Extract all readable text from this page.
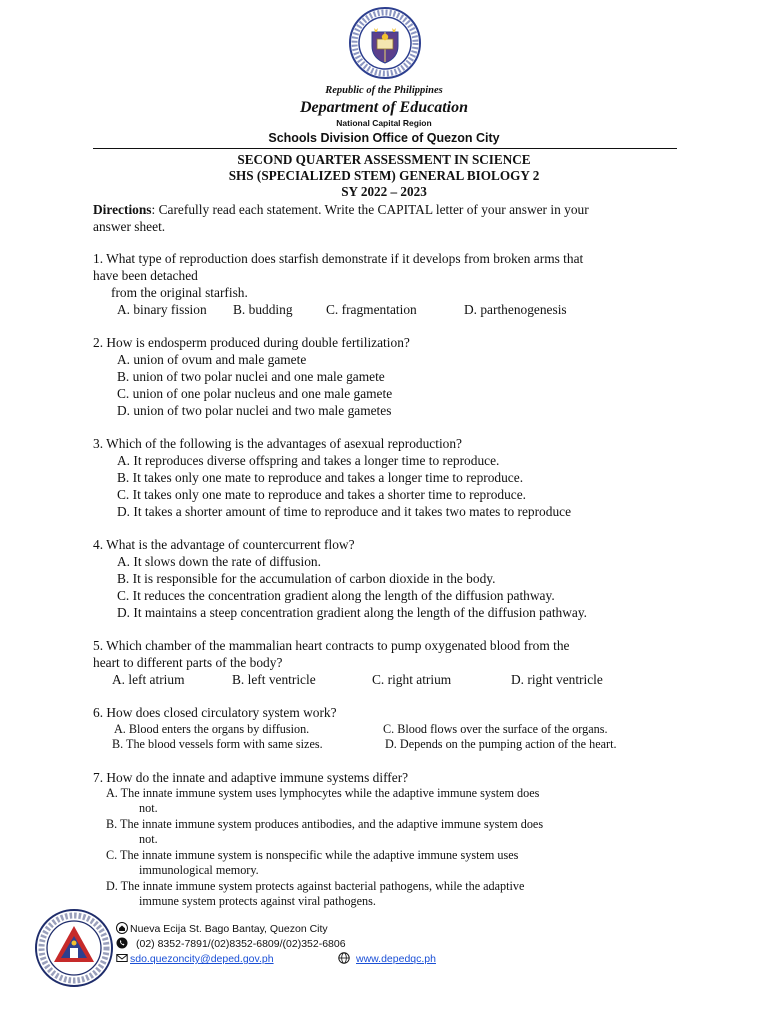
Republic of the Philippines
Department of Education
National Capital Region
Schools Division Office of Quezon City
SECOND QUARTER ASSESSMENT IN SCIENCE
SHS (SPECIALIZED STEM) GENERAL BIOLOGY 2
SY 2022 – 2023
Directions: Carefully read each statement. Write the CAPITAL letter of your answer in your
answer sheet.
1. What type of reproduction does starfish demonstrate if it develops from broken arms that
have been detached
from the original starfish.
A. binary fission B. budding C. fragmentation	D. parthenogenesis
2. How is endosperm produced during double fertilization?
A. union of ovum and male gamete
B. union of two polar nuclei and one male gamete
C. union of one polar nucleus and one male gamete
D. union of two polar nuclei and two male gametes
3. Which of the following is the advantages of asexual reproduction?
A. It reproduces diverse offspring and takes a longer time to reproduce.
B. It takes only one mate to reproduce and takes a longer time to reproduce.
C. It takes only one mate to reproduce and takes a shorter time to reproduce.
D. It takes a shorter amount of time to reproduce and it takes two mates to reproduce
4. What is the advantage of countercurrent flow?
A. It slows down the rate of diffusion.
B. It is responsible for the accumulation of carbon dioxide in the body.
C. It reduces the concentration gradient along the length of the diffusion pathway.
D. It maintains a steep concentration gradient along the length of the diffusion pathway.
5. Which chamber of the mammalian heart contracts to pump oxygenated blood from the
heart to different parts of the body?
A. left atrium	B. left ventricle	C. right atrium	D. right ventricle
6. How does closed circulatory system work?
A. Blood enters the organs by diffusion.	C. Blood flows over the surface of the organs.
B. The blood vessels form with same sizes.	D. Depends on the pumping action of the heart.
7. How do the innate and adaptive immune systems differ?
A. The innate immune system uses lymphocytes while the adaptive immune system does
not.
B. The innate immune system produces antibodies, and the adaptive immune system does
not.
C. The innate immune system is nonspecific while the adaptive immune system uses
immunological memory.
D. The innate immune system protects against bacterial pathogens, while the adaptive
immune system protects against viral pathogens.
Nueva Ecija St. Bago Bantay, Quezon City
(02) 8352-7891/(02)8352-6809/(02)352-6806
sdo.quezoncity@deped.gov.ph	www.depedqc.ph
